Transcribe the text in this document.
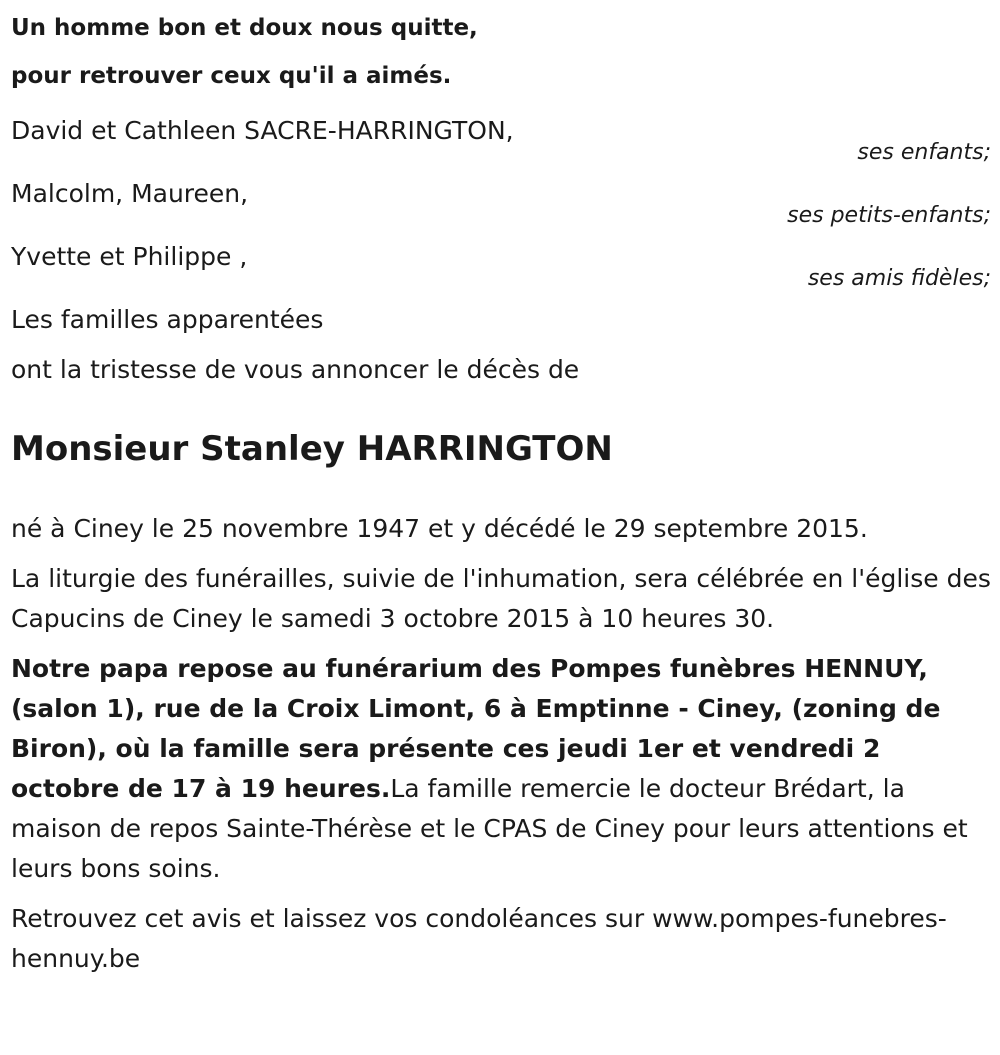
Un homme bon et doux nous quitte,
pour retrouver ceux qu'il a aimés.
David et Cathleen SACRE-HARRINGTON,
ses enfants;
Malcolm, Maureen,
ses petits-enfants;
Yvette et Philippe ,
ses amis fidèles;
Les familles apparentées
ont la tristesse de vous annoncer le décès de
Monsieur Stanley HARRINGTON
né à Ciney le 25 novembre 1947 et y décédé le 29 septembre 2015.
La liturgie des funérailles, suivie de l'inhumation, sera célébrée en l'église des Capucins de Ciney le samedi 3 octobre 2015 à 10 heures 30.
Notre papa repose au funérarium des Pompes funèbres HENNUY, (salon 1), rue de la Croix Limont, 6 à Emptinne - Ciney, (zoning de Biron), où la famille sera présente ces jeudi 1er et vendredi 2 octobre de 17 à 19 heures.La famille remercie le docteur Brédart, la maison de repos Sainte-Thérèse et le CPAS de Ciney pour leurs attentions et leurs bons soins.
Retrouvez cet avis et laissez vos condoléances sur www.pompes-funebres-hennuy.be
